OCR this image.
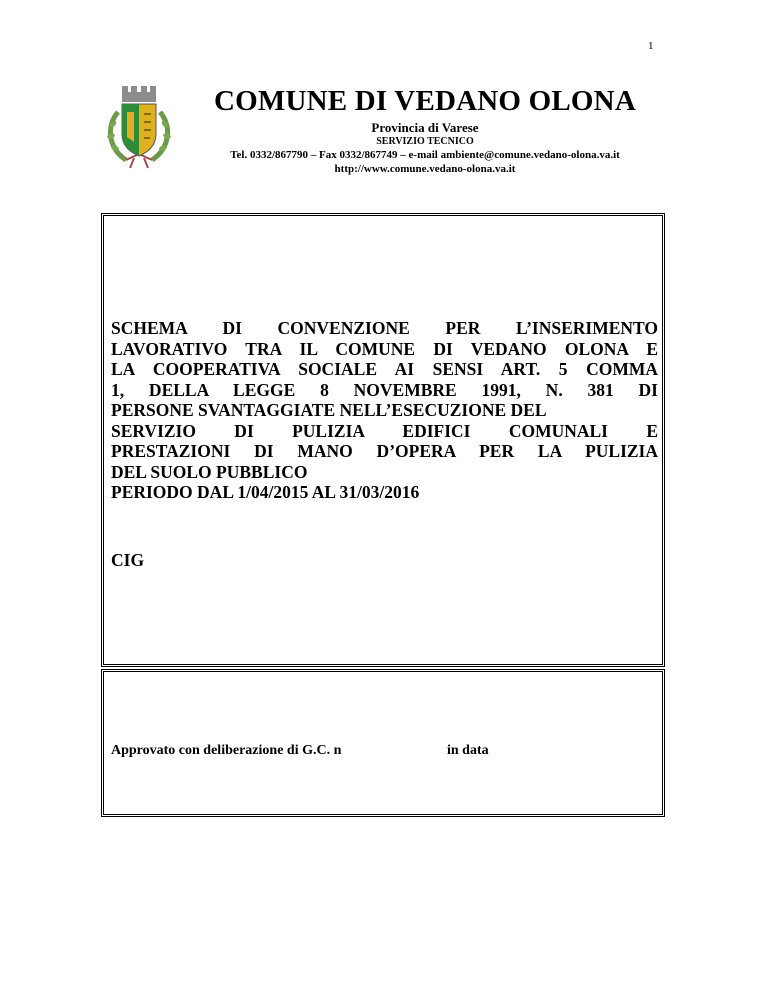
1
COMUNE DI VEDANO OLONA
Provincia di Varese
SERVIZIO TECNICO
Tel. 0332/867790 – Fax 0332/867749 – e-mail ambiente@comune.vedano-olona.va.it
http://www.comune.vedano-olona.va.it
SCHEMA DI CONVENZIONE PER L’INSERIMENTO
LAVORATIVO TRA IL COMUNE DI VEDANO OLONA E
LA COOPERATIVA SOCIALE AI SENSI ART. 5 COMMA
1, DELLA LEGGE 8 NOVEMBRE 1991, N. 381 DI
PERSONE SVANTAGGIATE NELL’ESECUZIONE DEL
SERVIZIO DI PULIZIA EDIFICI COMUNALI E
PRESTAZIONI DI MANO D’OPERA PER LA PULIZIA
DEL SUOLO PUBBLICO
PERIODO DAL 1/04/2015 AL 31/03/2016
CIG
Approvato con deliberazione di G.C. n	in data
